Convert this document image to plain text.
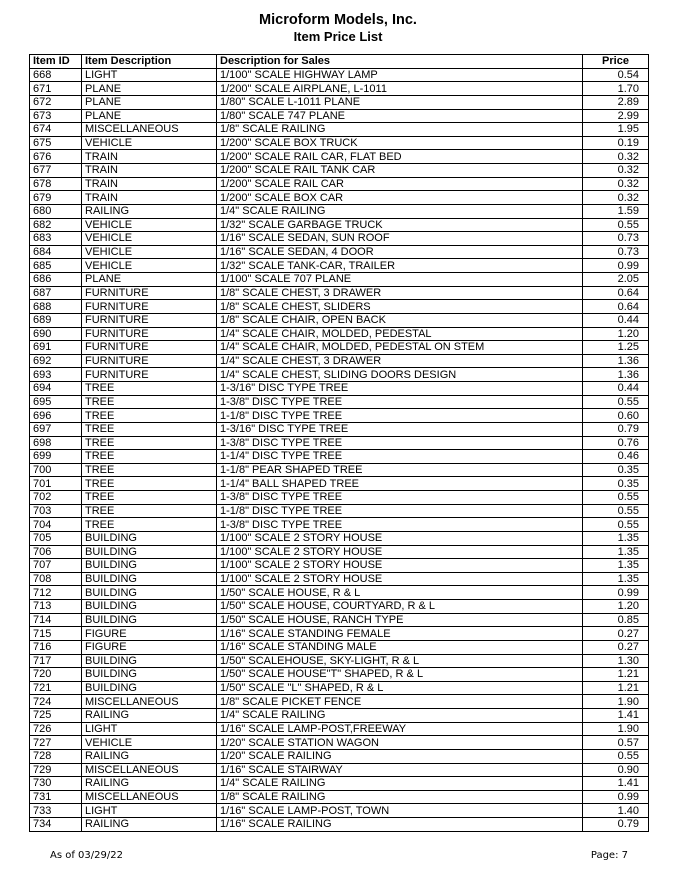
Microform Models, Inc.
Item Price List
Item ID	Item Description	Description for Sales	Price
668	LIGHT	1/100" SCALE HIGHWAY LAMP	0.54
671	PLANE	1/200" SCALE AIRPLANE, L-1011	1.70
672	PLANE	1/80" SCALE L-1011 PLANE	2.89
673	PLANE	1/80" SCALE 747 PLANE	2.99
674	MISCELLANEOUS	1/8" SCALE RAILING	1.95
675	VEHICLE	1/200" SCALE BOX TRUCK	0.19
676	TRAIN	1/200" SCALE RAIL CAR, FLAT BED	0.32
677	TRAIN	1/200" SCALE RAIL TANK CAR	0.32
678	TRAIN	1/200" SCALE RAIL CAR	0.32
679	TRAIN	1/200" SCALE BOX CAR	0.32
680	RAILING	1/4" SCALE RAILING	1.59
682	VEHICLE	1/32" SCALE GARBAGE TRUCK	0.55
683	VEHICLE	1/16" SCALE SEDAN, SUN ROOF	0.73
684	VEHICLE	1/16" SCALE SEDAN, 4 DOOR	0.73
685	VEHICLE	1/32" SCALE TANK-CAR, TRAILER	0.99
686	PLANE	1/100" SCALE 707 PLANE	2.05
687	FURNITURE	1/8" SCALE CHEST, 3 DRAWER	0.64
688	FURNITURE	1/8" SCALE CHEST, SLIDERS	0.64
689	FURNITURE	1/8" SCALE CHAIR, OPEN BACK	0.44
690	FURNITURE	1/4" SCALE CHAIR, MOLDED, PEDESTAL	1.20
691	FURNITURE	1/4" SCALE CHAIR, MOLDED, PEDESTAL ON STEM	1.25
692	FURNITURE	1/4" SCALE CHEST, 3 DRAWER	1.36
693	FURNITURE	1/4" SCALE CHEST, SLIDING DOORS DESIGN	1.36
694	TREE	1-3/16" DISC TYPE TREE	0.44
695	TREE	1-3/8" DISC TYPE TREE	0.55
696	TREE	1-1/8" DISC TYPE TREE	0.60
697	TREE	1-3/16" DISC TYPE TREE	0.79
698	TREE	1-3/8" DISC TYPE TREE	0.76
699	TREE	1-1/4" DISC TYPE TREE	0.46
700	TREE	1-1/8" PEAR SHAPED TREE	0.35
701	TREE	1-1/4" BALL SHAPED TREE	0.35
702	TREE	1-3/8" DISC TYPE TREE	0.55
703	TREE	1-1/8" DISC TYPE TREE	0.55
704	TREE	1-3/8" DISC TYPE TREE	0.55
705	BUILDING	1/100" SCALE 2 STORY HOUSE	1.35
706	BUILDING	1/100" SCALE 2 STORY HOUSE	1.35
707	BUILDING	1/100" SCALE 2 STORY HOUSE	1.35
708	BUILDING	1/100" SCALE 2 STORY HOUSE	1.35
712	BUILDING	1/50" SCALE HOUSE, R & L	0.99
713	BUILDING	1/50" SCALE HOUSE, COURTYARD, R & L	1.20
714	BUILDING	1/50" SCALE HOUSE, RANCH TYPE	0.85
715	FIGURE	1/16" SCALE STANDING FEMALE	0.27
716	FIGURE	1/16" SCALE STANDING MALE	0.27
717	BUILDING	1/50" SCALEHOUSE, SKY-LIGHT, R & L	1.30
720	BUILDING	1/50" SCALE HOUSE"T" SHAPED, R & L	1.21
721	BUILDING	1/50" SCALE "L" SHAPED, R & L	1.21
724	MISCELLANEOUS	1/8" SCALE PICKET FENCE	1.90
725	RAILING	1/4" SCALE RAILING	1.41
726	LIGHT	1/16" SCALE LAMP-POST,FREEWAY	1.90
727	VEHICLE	1/20" SCALE STATION WAGON	0.57
728	RAILING	1/20" SCALE RAILING	0.55
729	MISCELLANEOUS	1/16" SCALE STAIRWAY	0.90
730	RAILING	1/4" SCALE RAILING	1.41
731	MISCELLANEOUS	1/8" SCALE RAILING	0.99
733	LIGHT	1/16" SCALE LAMP-POST, TOWN	1.40
734	RAILING	1/16" SCALE RAILING	0.79
As of 03/29/22	Page: 7
